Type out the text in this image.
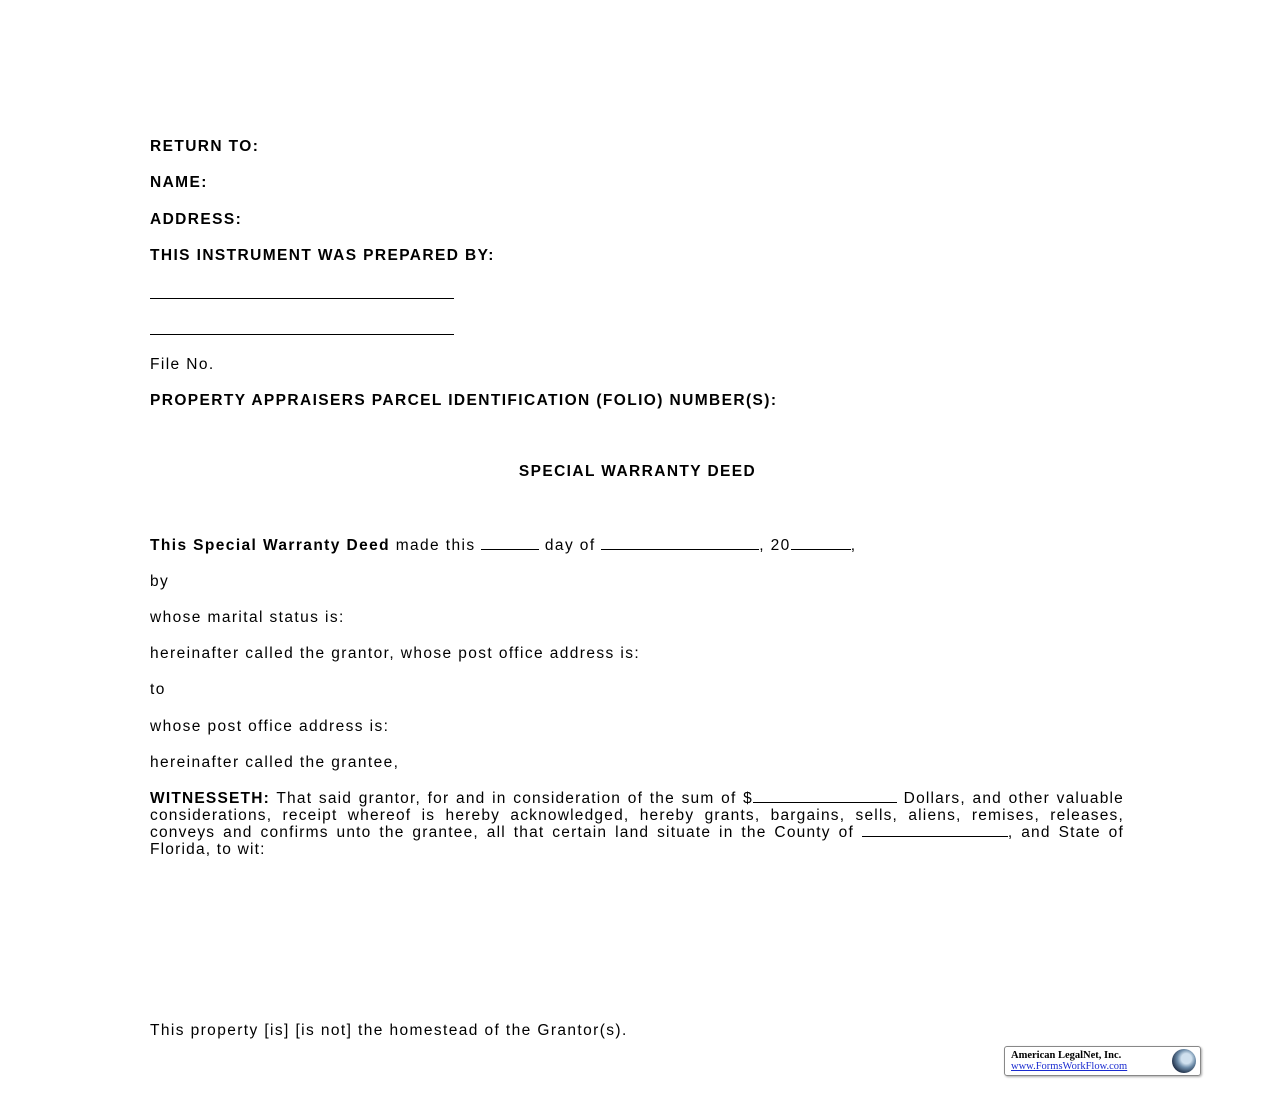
RETURN TO:
NAME:
ADDRESS:
THIS INSTRUMENT WAS PREPARED BY:
File No.
PROPERTY APPRAISERS PARCEL IDENTIFICATION (FOLIO) NUMBER(S):
SPECIAL WARRANTY DEED
This Special Warranty Deed made this	day of	, 20	,
by
whose marital status is:
hereinafter called the grantor, whose post office address is:
to
whose post office address is:
hereinafter called the grantee,
WITNESSETH: That said grantor, for and in consideration of the sum of $	Dollars, and other valuable considerations, receipt whereof is hereby acknowledged, hereby grants, bargains, sells, aliens, remises, releases, conveys and confirms unto the grantee, all that certain land situate in the County of	, and State of Florida, to wit:
This property [is] [is not] the homestead of the Grantor(s).
American LegalNet, Inc.
www.FormsWorkFlow.com
